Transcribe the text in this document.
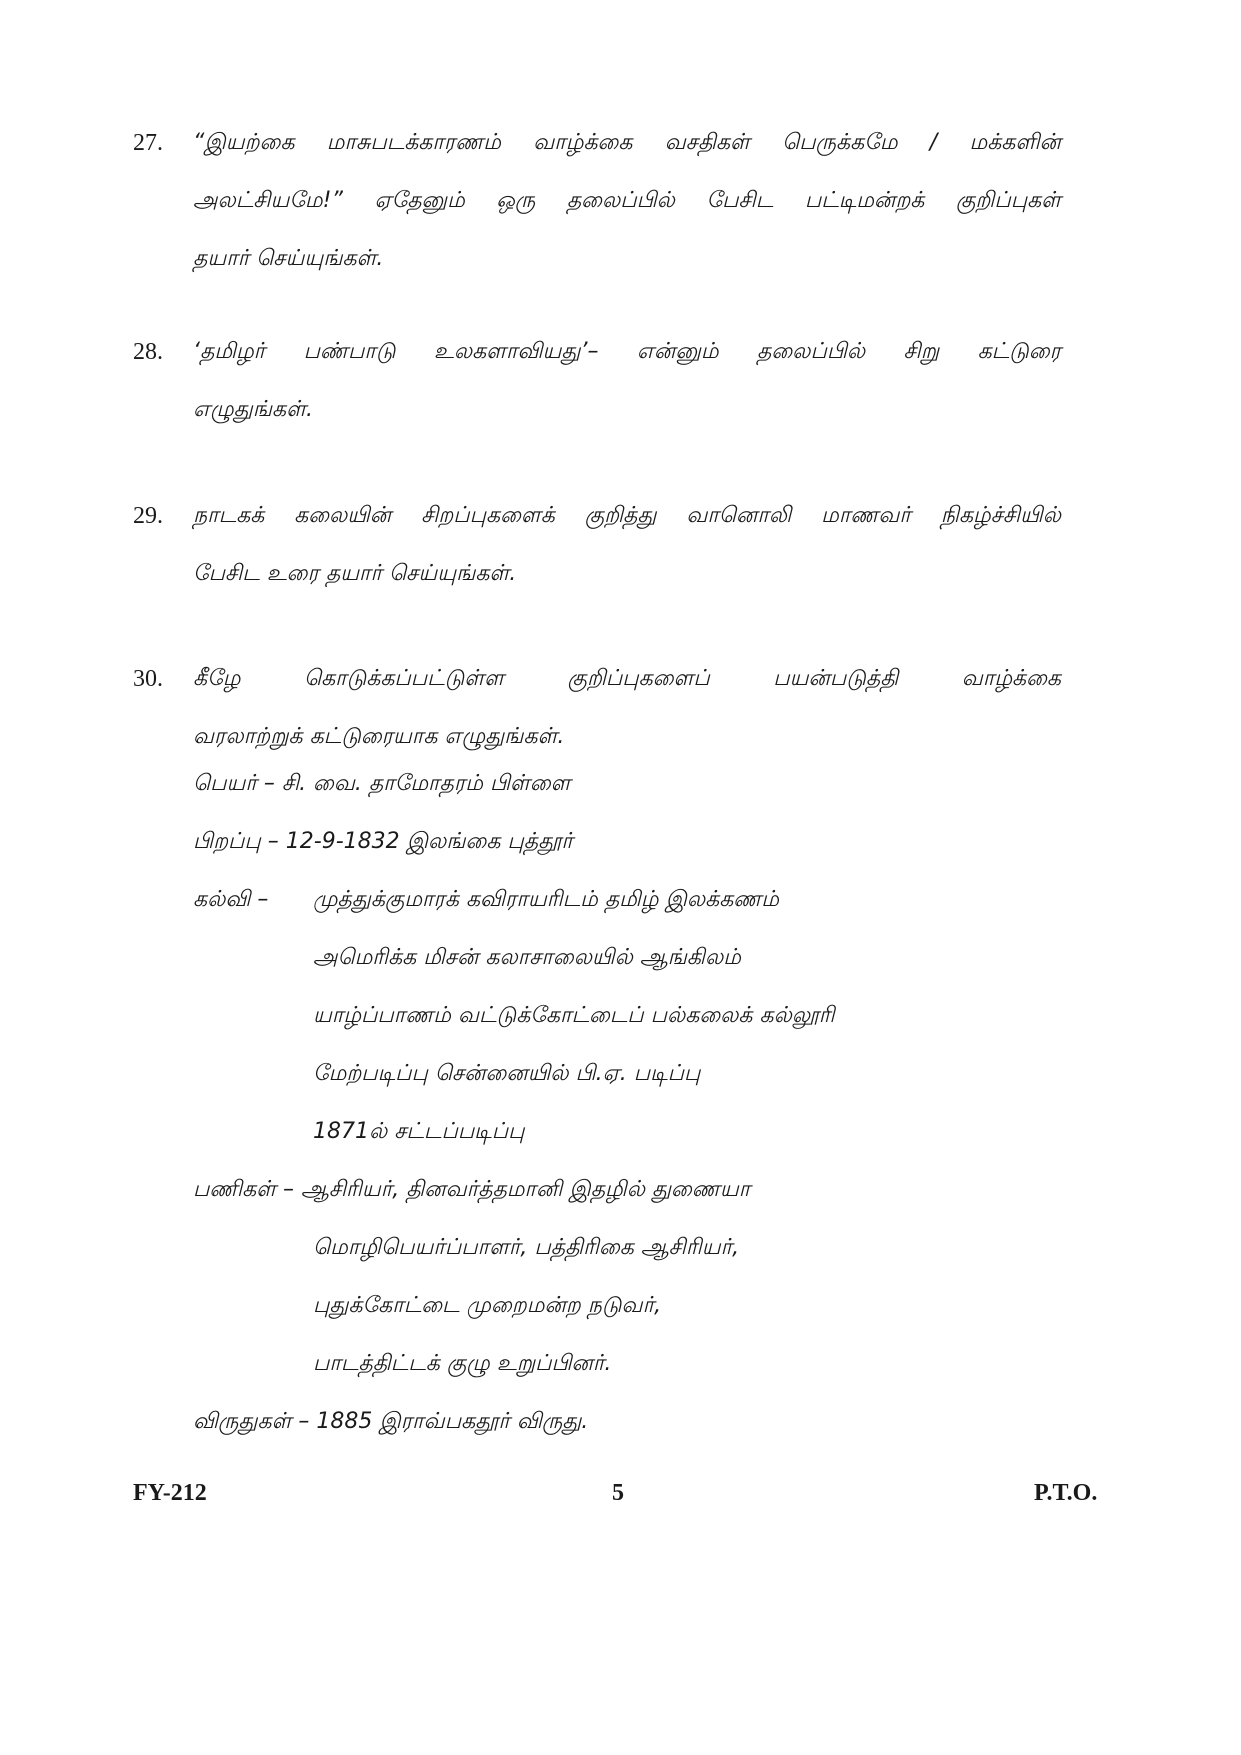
27. “இயற்கை மாசுபடக்காரணம் வாழ்க்கை வசதிகள் பெருக்கமே / மக்களின்
அலட்சியமே!” ஏதேனும் ஒரு தலைப்பில் பேசிட பட்டிமன்றக் குறிப்புகள்
தயார் செய்யுங்கள்.
28. ‘தமிழர் பண்பாடு உலகளாவியது’– என்னும் தலைப்பில் சிறு கட்டுரை
எழுதுங்கள்.
29. நாடகக் கலையின் சிறப்புகளைக் குறித்து வானொலி மாணவர் நிகழ்ச்சியில்
பேசிட உரை தயார் செய்யுங்கள்.
30. கீழே கொடுக்கப்பட்டுள்ள குறிப்புகளைப் பயன்படுத்தி வாழ்க்கை
வரலாற்றுக் கட்டுரையாக எழுதுங்கள்.
பெயர் – சி. வை. தாமோதரம் பிள்ளை
பிறப்பு – 12-9-1832 இலங்கை புத்தூர்
கல்வி – முத்துக்குமாரக் கவிராயரிடம் தமிழ் இலக்கணம்
அமெரிக்க மிசன் கலாசாலையில் ஆங்கிலம்
யாழ்ப்பாணம் வட்டுக்கோட்டைப் பல்கலைக் கல்லூரி
மேற்படிப்பு சென்னையில் பி.ஏ. படிப்பு
1871ல் சட்டப்படிப்பு
பணிகள் – ஆசிரியர், தினவர்த்தமானி இதழில் துணையா
மொழிபெயர்ப்பாளர், பத்திரிகை ஆசிரியர்,
புதுக்கோட்டை முறைமன்ற நடுவர்,
பாடத்திட்டக் குழு உறுப்பினர்.
விருதுகள் – 1885 இராவ்பகதூர் விருது.
FY-212	5	P.T.O.
